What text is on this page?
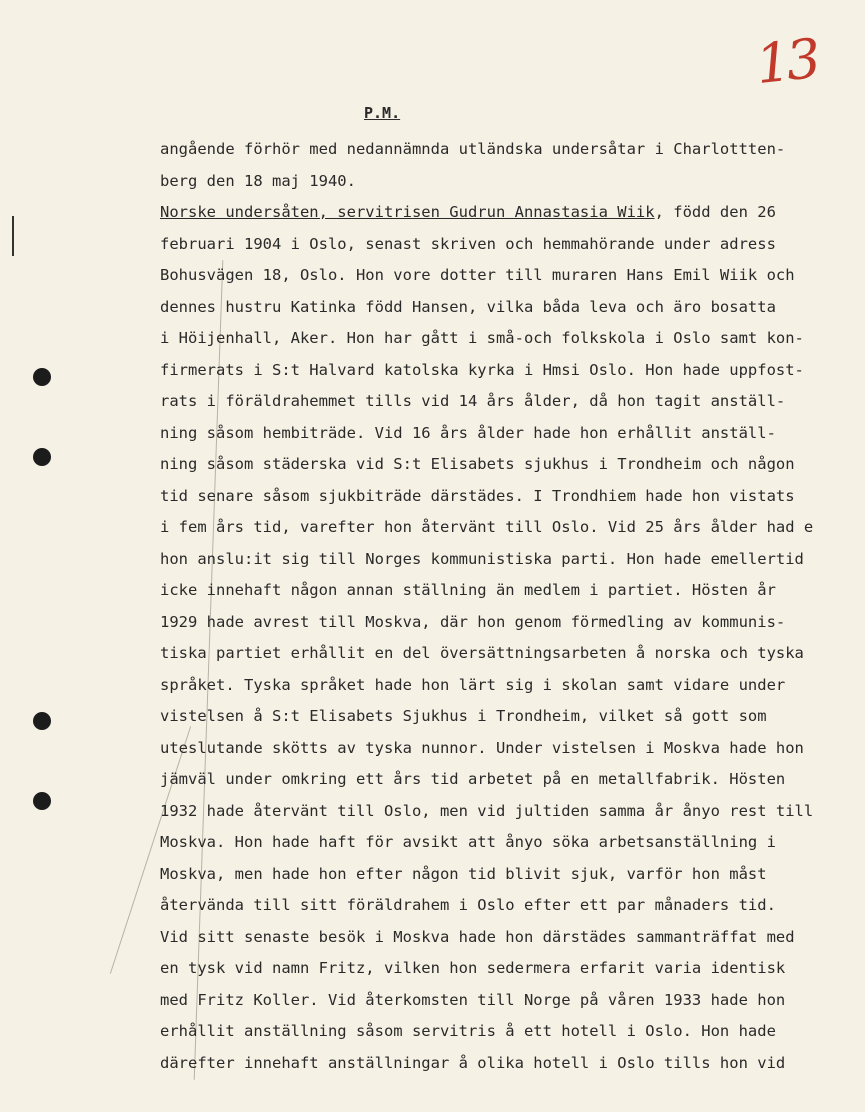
13
P.M.
angående förhör med nedannämnda utländska undersåtar i Charlottten-
berg den 18 maj 1940.
Norske undersåten, servitrisen Gudrun Annastasia Wiik, född den 26
februari 1904 i Oslo, senast skriven och hemmahörande under adress
Bohusvägen 18, Oslo. Hon vore dotter till muraren Hans Emil Wiik och
dennes hustru Katinka född Hansen, vilka båda leva och äro bosatta
i Höijenhall, Aker. Hon har gått i små-och folkskola i Oslo samt kon-
firmerats i S:t Halvard katolska kyrka i Hmsi Oslo. Hon hade uppfost-
rats i föräldrahemmet tills vid 14 års ålder, då hon tagit anställ-
ning såsom hembiträde. Vid 16 års ålder hade hon erhållit anställ-
ning såsom städerska vid S:t Elisabets sjukhus i Trondheim och någon
tid senare såsom sjukbiträde därstädes. I Trondhiem hade hon vistats
i fem års tid, varefter hon återvänt till Oslo. Vid 25 års ålder had e
hon anslu:it sig till Norges kommunistiska parti. Hon hade emellertid
icke innehaft någon annan ställning än medlem i partiet. Hösten år
1929 hade avrest till Moskva, där hon genom förmedling av kommunis-
tiska partiet erhållit en del översättningsarbeten å norska och tyska
språket. Tyska språket hade hon lärt sig i skolan samt vidare under
vistelsen å S:t Elisabets Sjukhus i Trondheim, vilket så gott som
uteslutande skötts av tyska nunnor. Under vistelsen i Moskva hade hon
jämväl under omkring ett års tid arbetet på en metallfabrik. Hösten
1932 hade återvänt till Oslo, men vid jultiden samma år ånyo rest till
Moskva. Hon hade haft för avsikt att ånyo söka arbetsanställning i
Moskva, men hade hon efter någon tid blivit sjuk, varför hon måst
återvända till sitt föräldrahem i Oslo efter ett par månaders tid.
Vid sitt senaste besök i Moskva hade hon därstädes sammanträffat med
en tysk vid namn Fritz, vilken hon sedermera erfarit varia identisk
med Fritz Koller. Vid återkomsten till Norge på våren 1933 hade hon
erhållit anställning såsom servitris å ett hotell i Oslo. Hon hade
därefter innehaft anställningar å olika hotell i Oslo tills hon vid
